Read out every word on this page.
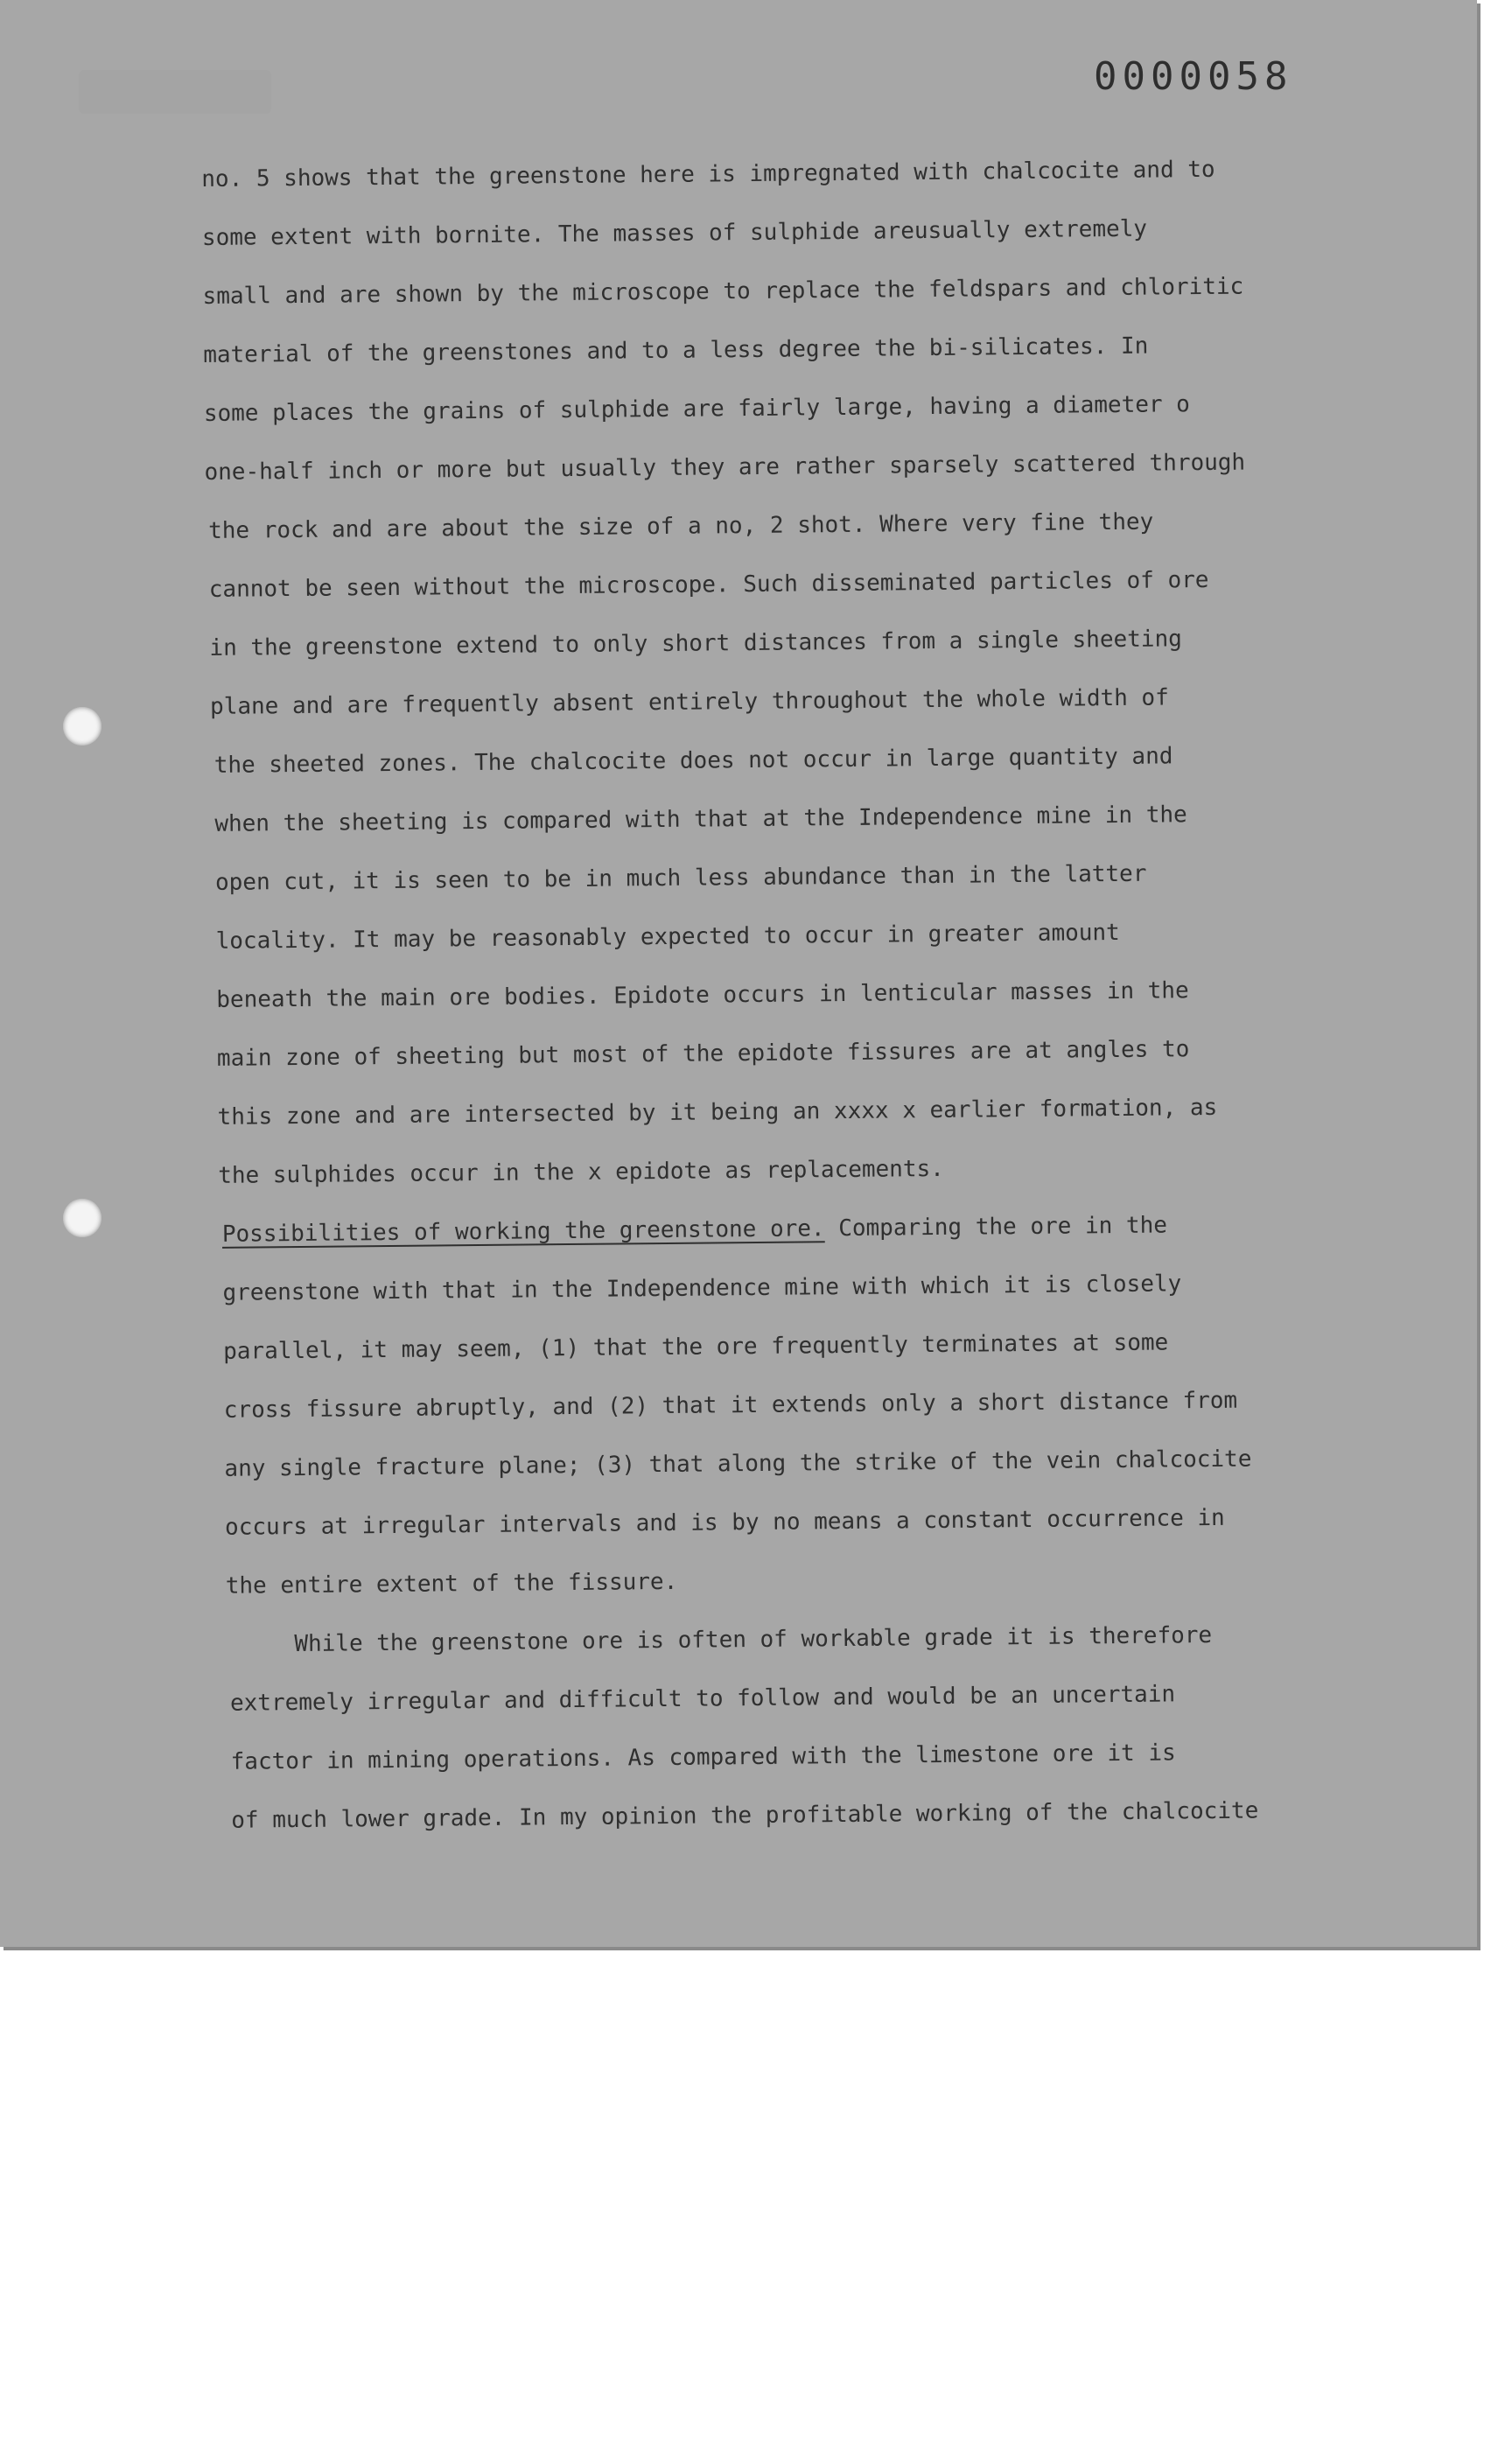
0000058
no. 5 shows that the greenstone here is impregnated with chalcocite and to
some extent with bornite. The masses of sulphide areusually extremely
small and are shown by the microscope to replace the feldspars and chloritic
material of the greenstones and to a less degree the bi-silicates. In
some places the grains of sulphide are fairly large, having a diameter o
one-half inch or more but usually they are rather sparsely scattered through
the rock and are about the size of a no, 2 shot. Where very fine they
cannot be seen without the microscope. Such disseminated particles of ore
in the greenstone extend to only short distances from a single sheeting
plane and are frequently absent entirely throughout the whole width of
the sheeted zones. The chalcocite does not occur in large quantity and
when the sheeting is compared with that at the Independence mine in the
open cut, it is seen to be in much less abundance than in the latter
locality. It may be reasonably expected to occur in greater amount
beneath the main ore bodies. Epidote occurs in lenticular masses in the
main zone of sheeting but most of the epidote fissures are at angles to
this zone and are intersected by it being an xxxx x earlier formation, as
the sulphides occur in the x epidote as replacements.
Possibilities of working the greenstone ore. Comparing the ore in the
greenstone with that in the Independence mine with which it is closely
parallel, it may seem, (1) that the ore frequently terminates at some
cross fissure abruptly, and (2) that it extends only a short distance from
any single fracture plane; (3) that along the strike of the vein chalcocite
occurs at irregular intervals and is by no means a constant occurrence in
the entire extent of the fissure.
While the greenstone ore is often of workable grade it is therefore
extremely irregular and difficult to follow and would be an uncertain
factor in mining operations. As compared with the limestone ore it is
of much lower grade. In my opinion the profitable working of the chalcocite
